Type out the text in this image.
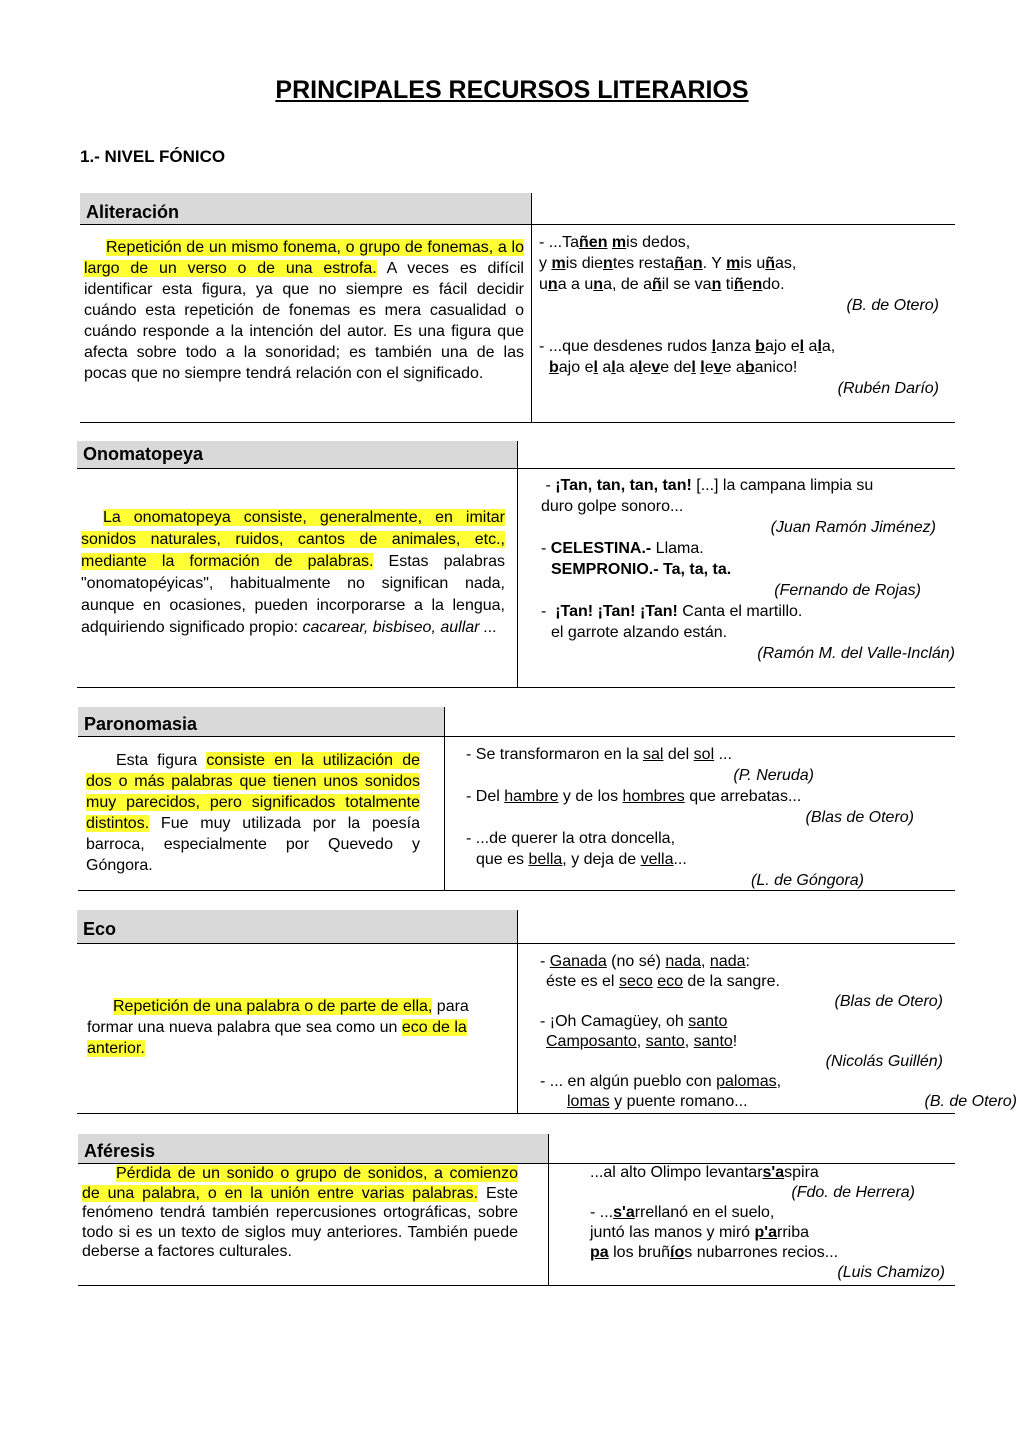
PRINCIPALES RECURSOS LITERARIOS
1.- NIVEL FÓNICO
Aliteración

Repetición de un mismo fonema, o grupo de fonemas, a lo largo de un verso o de una estrofa. A veces es difícil identificar esta figura, ya que no siempre es fácil decidir cuándo esta repetición de fonemas es mera casualidad o cuándo responde a la intención del autor. Es una figura que afecta sobre todo a la sonoridad; es también una de las pocas que no siempre tendrá relación con el significado.

- ...Tañen mis dedos,
y mis dientes restañan. Y mis uñas,
una a una, de añil se van tiñendo.
(B. de Otero)
- ...que desdenes rudos lanza bajo el ala,
bajo el ala aleve del leve abanico!
(Rubén Darío)
Onomatopeya

La onomatopeya consiste, generalmente, en imitar sonidos naturales, ruidos, cantos de animales, etc., mediante la formación de palabras. Estas palabras "onomatopéyicas", habitualmente no significan nada, aunque en ocasiones, pueden incorporarse a la lengua, adquiriendo significado propio: cacarear, bisbiseo, aullar ...

- ¡Tan, tan, tan, tan! [...] la campana limpia su
duro golpe sonoro...
(Juan Ramón Jiménez)
- CELESTINA.- Llama.
SEMPRONIO.- Ta, ta, ta.
(Fernando de Rojas)
-  ¡Tan! ¡Tan! ¡Tan! Canta el martillo.
el garrote alzando están.
(Ramón M. del Valle-Inclán)
Paronomasia

Esta figura consiste en la utilización de dos o más palabras que tienen unos sonidos muy parecidos, pero significados totalmente distintos. Fue muy utilizada por la poesía barroca, especialmente por Quevedo y Góngora.

- Se transformaron en la sal del sol ...
(P. Neruda)
- Del hambre y de los hombres que arrebatas...
(Blas de Otero)
- ...de querer la otra doncella,
que es bella, y deja de vella...
(L. de Góngora)
Eco

Repetición de una palabra o de parte de ella, para formar una nueva palabra que sea como un eco de la anterior.

- Ganada (no sé) nada, nada:
éste es el seco eco de la sangre.
(Blas de Otero)
- ¡Oh Camagüey, oh santo
Camposanto, santo, santo!
(Nicolás Guillén)
- ... en algún pueblo con palomas,
lomas y puente romano...	(B. de Otero)
Aféresis

Pérdida de un sonido o grupo de sonidos, a comienzo de una palabra, o en la unión entre varias palabras. Este fenómeno tendrá también repercusiones ortográficas, sobre todo si es un texto de siglos muy anteriores. También puede deberse a factores culturales.

...al alto Olimpo levantars'aspira
(Fdo. de Herrera)
- ...s'arrellanó en el suelo,
juntó las manos y miró p'arriba
pa los bruñíos nubarrones recios...
(Luis Chamizo)
